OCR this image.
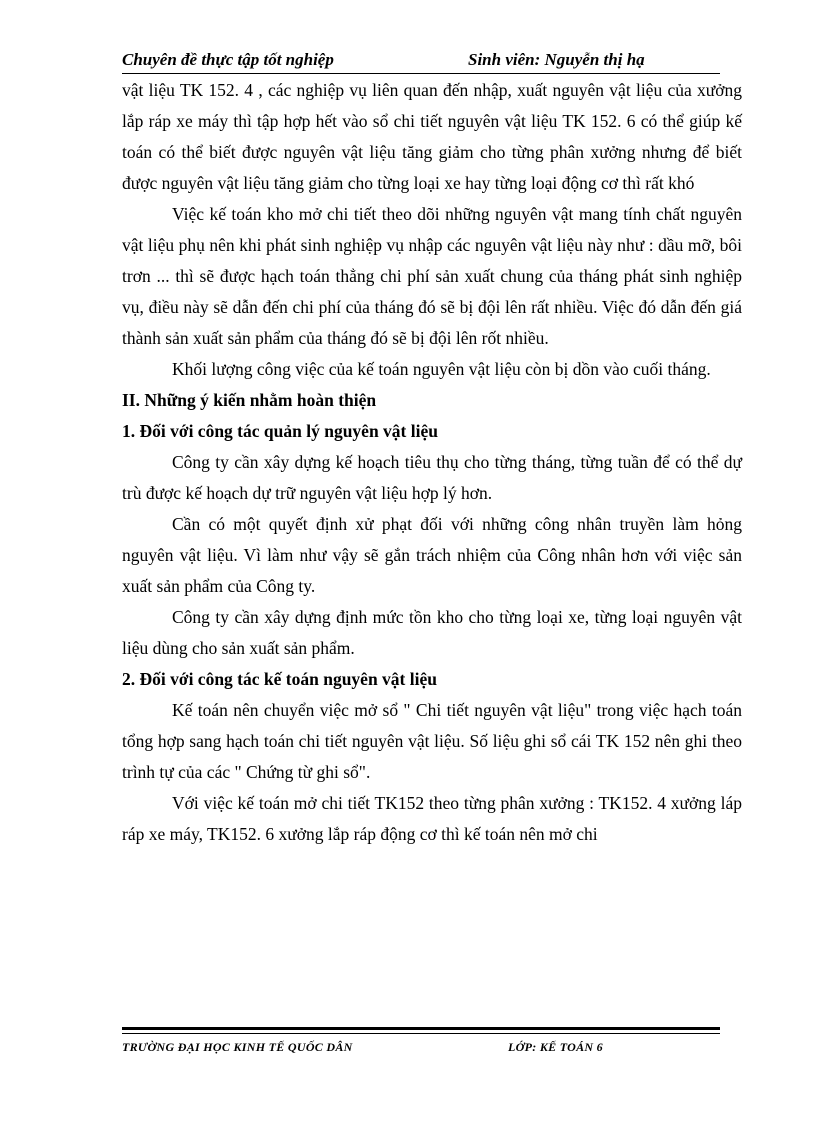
Chuyên đề thực tập tốt nghiệp	Sinh viên: Nguyễn thị hạ

vật liệu TK 152. 4 , các nghiệp vụ liên quan đến nhập, xuất nguyên vật liệu của xưởng lắp ráp xe máy thì tập hợp hết vào sổ chi tiết nguyên vật liệu TK 152. 6 có thể giúp kế toán có thể biết được nguyên vật liệu tăng giảm cho từng phân xưởng nhưng để biết được nguyên vật liệu tăng giảm cho từng loại xe hay từng loại động cơ thì rất khó

Việc kế toán kho mở chi tiết theo dõi những nguyên vật mang tính chất nguyên vật liệu phụ nên khi phát sinh nghiệp vụ nhập các nguyên vật liệu này như : dầu mỡ, bôi trơn ... thì sẽ được hạch toán thẳng chi phí sản xuất chung của tháng phát sinh nghiệp vụ, điều này sẽ dẫn đến chi phí của tháng đó sẽ bị đội lên rất nhiều. Việc đó dẫn đến giá thành sản xuất sản phẩm của tháng đó sẽ bị đội lên rốt nhiều.

Khối lượng công việc của kế toán nguyên vật liệu còn bị dồn vào cuối tháng.

II. Những ý kiến nhằm hoàn thiện

1. Đối với công tác quản lý nguyên vật liệu

Công ty cần xây dựng kế hoạch tiêu thụ cho từng tháng, từng tuần để có thể dự trù được kế hoạch dự trữ nguyên vật liệu hợp lý hơn.

Cần có một quyết định xử phạt đối với những công nhân truyền làm hỏng nguyên vật liệu. Vì làm như vậy sẽ gắn trách nhiệm của Công nhân hơn với việc sản xuất sản phẩm của Công ty.

Công ty cần xây dựng định mức tồn kho cho từng loại xe, từng loại nguyên vật liệu dùng cho sản xuất sản phẩm.

2. Đối với công tác kế toán nguyên vật liệu

Kế toán nên chuyển việc mở sổ " Chi tiết nguyên vật liệu" trong việc hạch toán tổng hợp sang hạch toán chi tiết nguyên vật liệu. Số liệu ghi sổ cái TK 152 nên ghi theo trình tự của các " Chứng từ ghi sổ".

Với việc kế toán mở chi tiết TK152 theo từng phân xưởng : TK152. 4 xưởng láp ráp xe máy, TK152. 6 xưởng lắp ráp động cơ thì kế toán nên mở chi

TRƯỜNG ĐẠI HỌC KINH TẾ QUỐC DÂN	LỚP: KẾ TOÁN 6
